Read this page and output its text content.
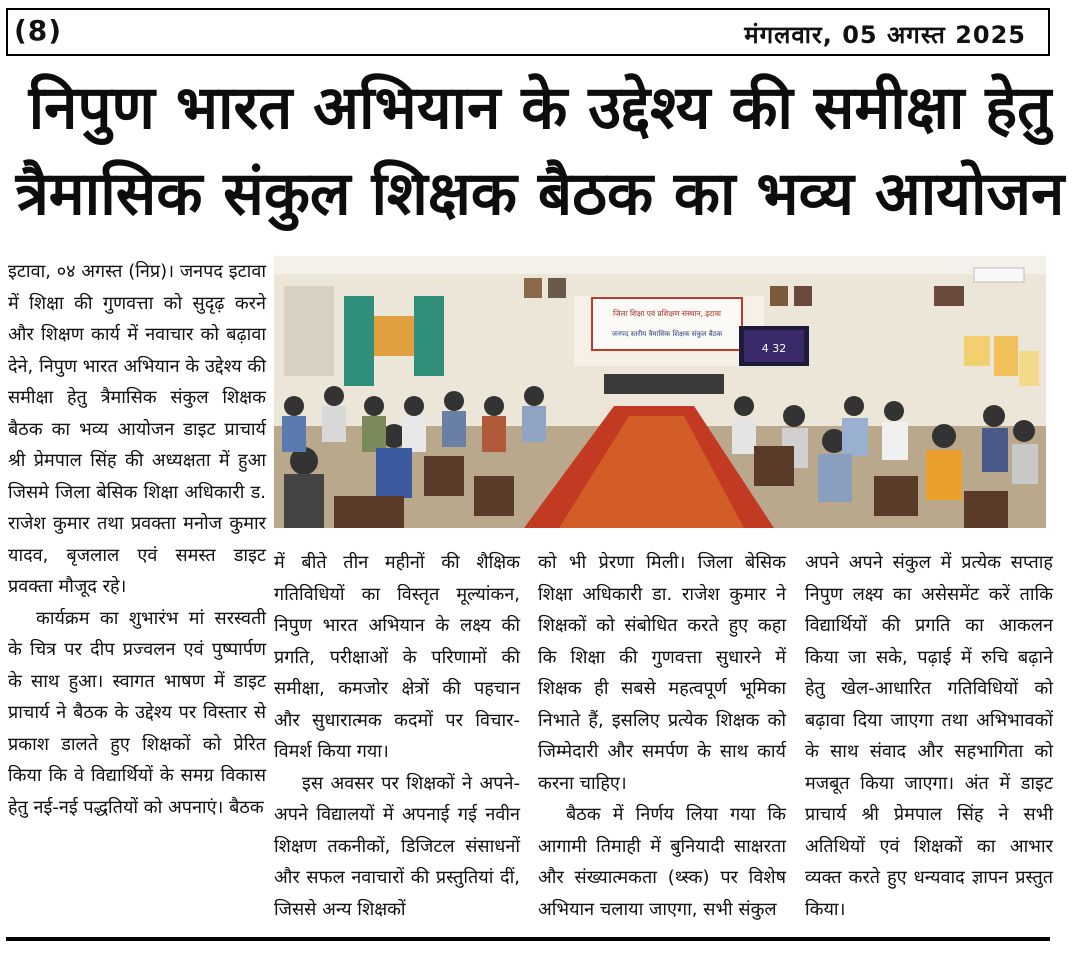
(8)	मंगलवार, 05 अगस्त 2025
निपुण भारत अभियान के उद्देश्य की समीक्षा हेतु
त्रैमासिक संकुल शिक्षक बैठक का भव्य आयोजन

इटावा, ०४ अगस्त (निप्र)। जनपद इटावा में शिक्षा की गुणवत्ता को सुदृढ़ करने और शिक्षण कार्य में नवाचार को बढ़ावा देने, निपुण भारत अभियान के उद्देश्य की समीक्षा हेतु त्रैमासिक संकुल शिक्षक बैठक का भव्य आयोजन डाइट प्राचार्य श्री प्रेमपाल सिंह की अध्यक्षता में हुआ जिसमे जिला बेसिक शिक्षा अधिकारी ड. राजेश कुमार तथा प्रवक्ता मनोज कुमार यादव, बृजलाल एवं समस्त डाइट प्रवक्ता मौजूद रहे।

कार्यक्रम का शुभारंभ मां सरस्वती के चित्र पर दीप प्रज्वलन एवं पुष्पार्पण के साथ हुआ। स्वागत भाषण में डाइट प्राचार्य ने बैठक के उद्देश्य पर विस्तार से प्रकाश डालते हुए शिक्षकों को प्रेरित किया कि वे विद्यार्थियों के समग्र विकास हेतु नई-नई पद्धतियों को अपनाएं। बैठक

जिला शिक्षा एवं प्रशिक्षण संस्थान, इटावा
जनपद स्तरीय त्रैमासिक शिक्षक संकुल बैठक
4 32

में बीते तीन महीनों की शैक्षिक गतिविधियों का विस्तृत मूल्यांकन, निपुण भारत अभियान के लक्ष्य की प्रगति, परीक्षाओं के परिणामों की समीक्षा, कमजोर क्षेत्रों की पहचान और सुधारात्मक कदमों पर विचार-विमर्श किया गया।

इस अवसर पर शिक्षकों ने अपने-अपने विद्यालयों में अपनाई गई नवीन शिक्षण तकनीकों, डिजिटल संसाधनों और सफल नवाचारों की प्रस्तुतियां दीं, जिससे अन्य शिक्षकों

को भी प्रेरणा मिली। जिला बेसिक शिक्षा अधिकारी डा. राजेश कुमार ने शिक्षकों को संबोधित करते हुए कहा कि शिक्षा की गुणवत्ता सुधारने में शिक्षक ही सबसे महत्वपूर्ण भूमिका निभाते हैं, इसलिए प्रत्येक शिक्षक को जिम्मेदारी और समर्पण के साथ कार्य करना चाहिए।

बैठक में निर्णय लिया गया कि आगामी तिमाही में बुनियादी साक्षरता और संख्यात्मकता (थ्स्क) पर विशेष अभियान चलाया जाएगा, सभी संकुल

अपने अपने संकुल में प्रत्येक सप्ताह निपुण लक्ष्य का असेसमेंट करें ताकि विद्यार्थियों की प्रगति का आकलन किया जा सके, पढ़ाई में रुचि बढ़ाने हेतु खेल-आधारित गतिविधियों को बढ़ावा दिया जाएगा तथा अभिभावकों के साथ संवाद और सहभागिता को मजबूत किया जाएगा। अंत में डाइट प्राचार्य श्री प्रेमपाल सिंह ने सभी अतिथियों एवं शिक्षकों का आभार व्यक्त करते हुए धन्यवाद ज्ञापन प्रस्तुत किया।
